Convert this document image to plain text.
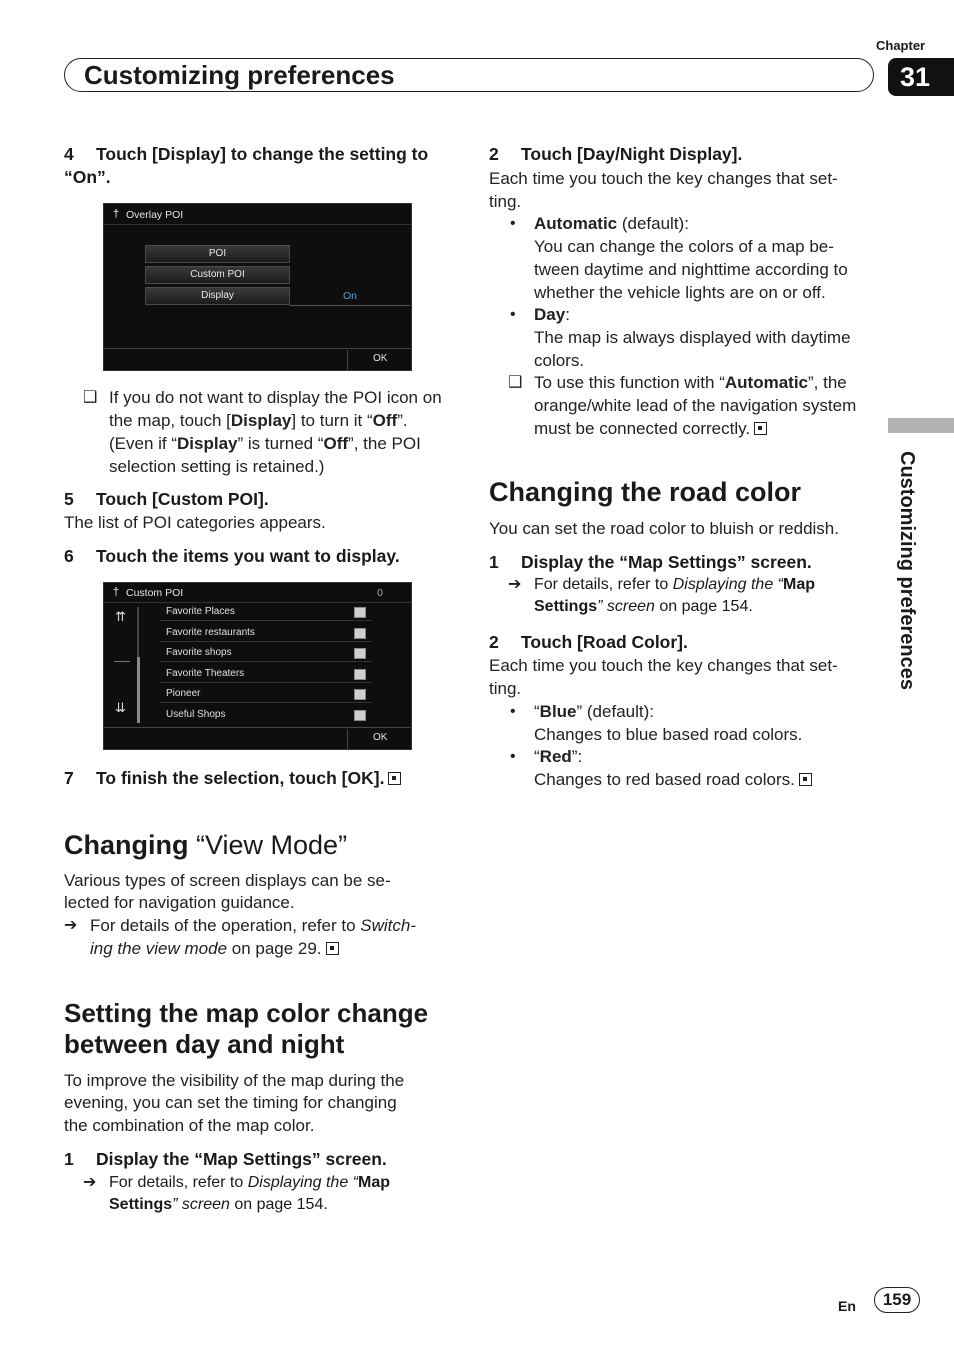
Chapter
31
Customizing preferences
Customizing preferences
4 Touch [Display] to change the setting to “On”.
† Overlay POI
POI
Custom POI
Display	On
OK
❑ If you do not want to display the POI icon on the map, touch [Display] to turn it “Off”. (Even if “Display” is turned “Off”, the POI selection setting is retained.)
5 Touch [Custom POI].
The list of POI categories appears.
6 Touch the items you want to display.
† Custom POI	0
⇈
⇊
Favorite Places
Favorite restaurants
Favorite shops
Favorite Theaters
Pioneer
Useful Shops
OK
7 To finish the selection, touch [OK].
Changing “View Mode”
Various types of screen displays can be se-
lected for navigation guidance.
➔ For details of the operation, refer to Switch-
ing the view mode on page 29.
Setting the map color change
between day and night
To improve the visibility of the map during the
evening, you can set the timing for changing
the combination of the map color.
1 Display the “Map Settings” screen.
➔ For details, refer to Displaying the “Map
Settings” screen on page 154.
2 Touch [Day/Night Display].
Each time you touch the key changes that set-
ting.
• Automatic (default):
You can change the colors of a map be-
tween daytime and nighttime according to
whether the vehicle lights are on or off.
• Day:
The map is always displayed with daytime
colors.
❑ To use this function with “Automatic”, the
orange/white lead of the navigation system
must be connected correctly.
Changing the road color
You can set the road color to bluish or reddish.
1 Display the “Map Settings” screen.
➔ For details, refer to Displaying the “Map
Settings” screen on page 154.
2 Touch [Road Color].
Each time you touch the key changes that set-
ting.
• “Blue” (default):
Changes to blue based road colors.
• “Red”:
Changes to red based road colors.
En	159
